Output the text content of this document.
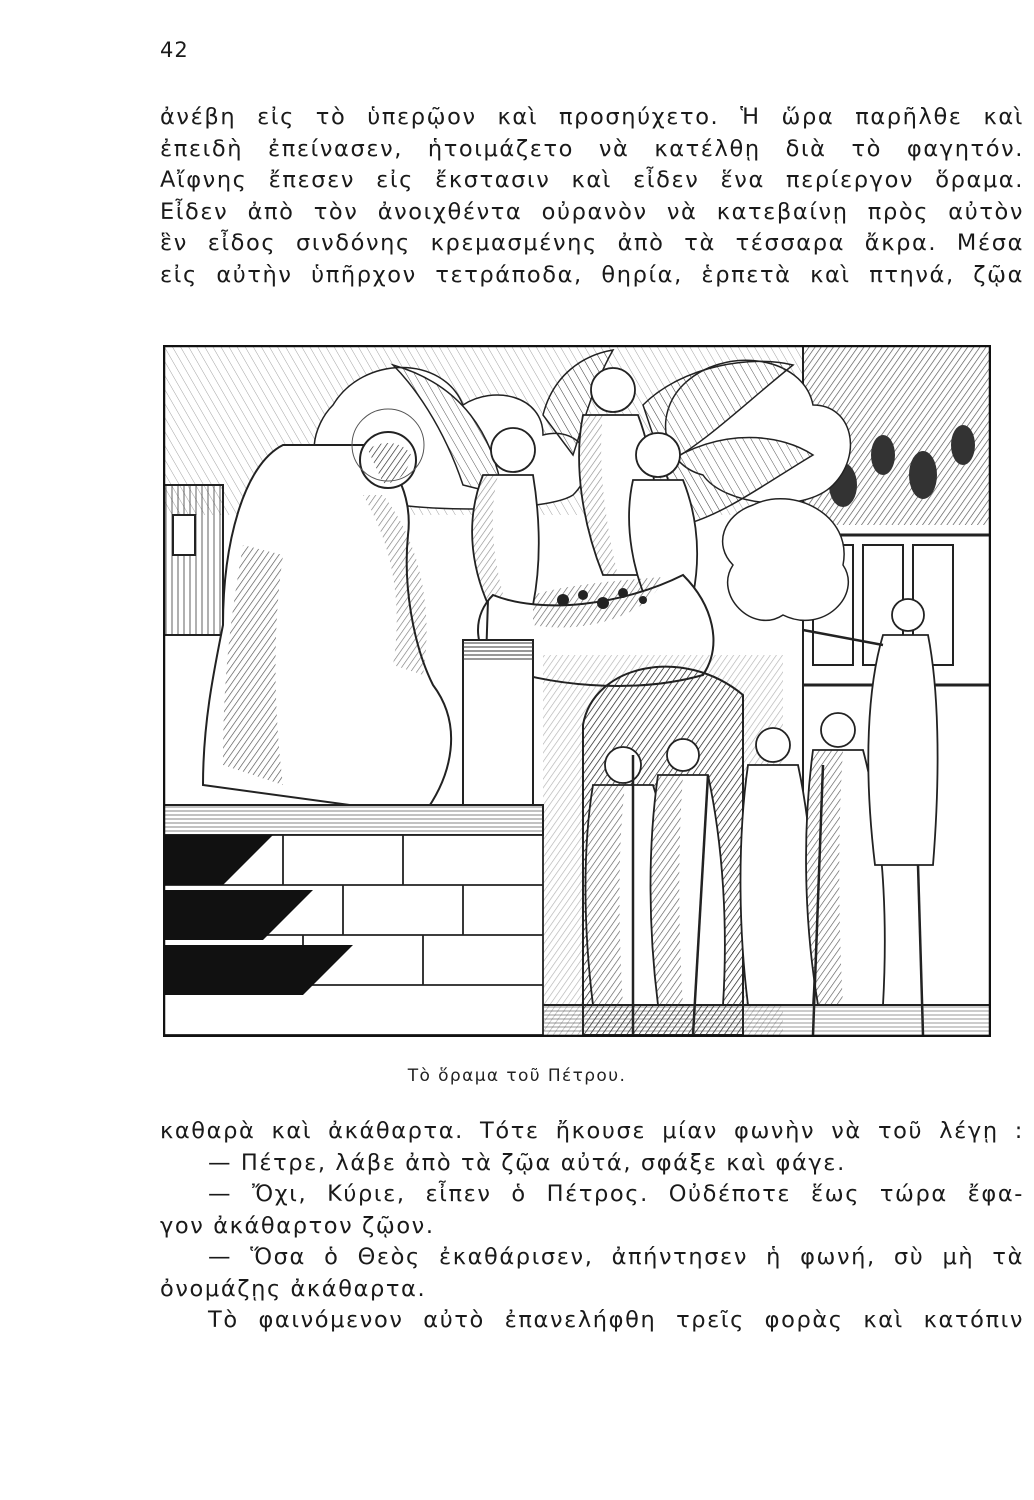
42
ἀνέβη εἰς τὸ ὑπερῷον καὶ προσηύχετο. Ἡ ὥρα παρῆλθε καὶ
ἐπειδὴ ἐπείνασεν, ἡτοιμάζετο νὰ κατέλθῃ διὰ τὸ φαγητόν.
Αἴφνης ἔπεσεν εἰς ἔκστασιν καὶ εἶδεν ἕνα περίεργον ὅραμα.
Εἶδεν ἀπὸ τὸν ἀνοιχθέντα οὐρανὸν νὰ κατεβαίνῃ πρὸς αὐτὸν
ἓν εἶδος σινδόνης κρεμασμένης ἀπὸ τὰ τέσσαρα ἄκρα. Μέσα
εἰς αὐτὴν ὑπῆρχον τετράποδα, θηρία, ἑρπετὰ καὶ πτηνά, ζῷα
Τὸ ὅραμα τοῦ Πέτρου.
καθαρὰ καὶ ἀκάθαρτα. Τότε ἤκουσε μίαν φωνὴν νὰ τοῦ λέγῃ :
— Πέτρε, λάβε ἀπὸ τὰ ζῷα αὐτά, σφάξε καὶ φάγε.
— Ὄχι, Κύριε, εἶπεν ὁ Πέτρος. Οὐδέποτε ἕως τώρα ἔφα-
γον ἀκάθαρτον ζῷον.
— Ὅσα ὁ Θεὸς ἐκαθάρισεν, ἀπήντησεν ἡ φωνή, σὺ μὴ τὰ
ὀνομάζῃς ἀκάθαρτα.
Τὸ φαινόμενον αὐτὸ ἐπανελήφθη τρεῖς φορὰς καὶ κατόπιν
